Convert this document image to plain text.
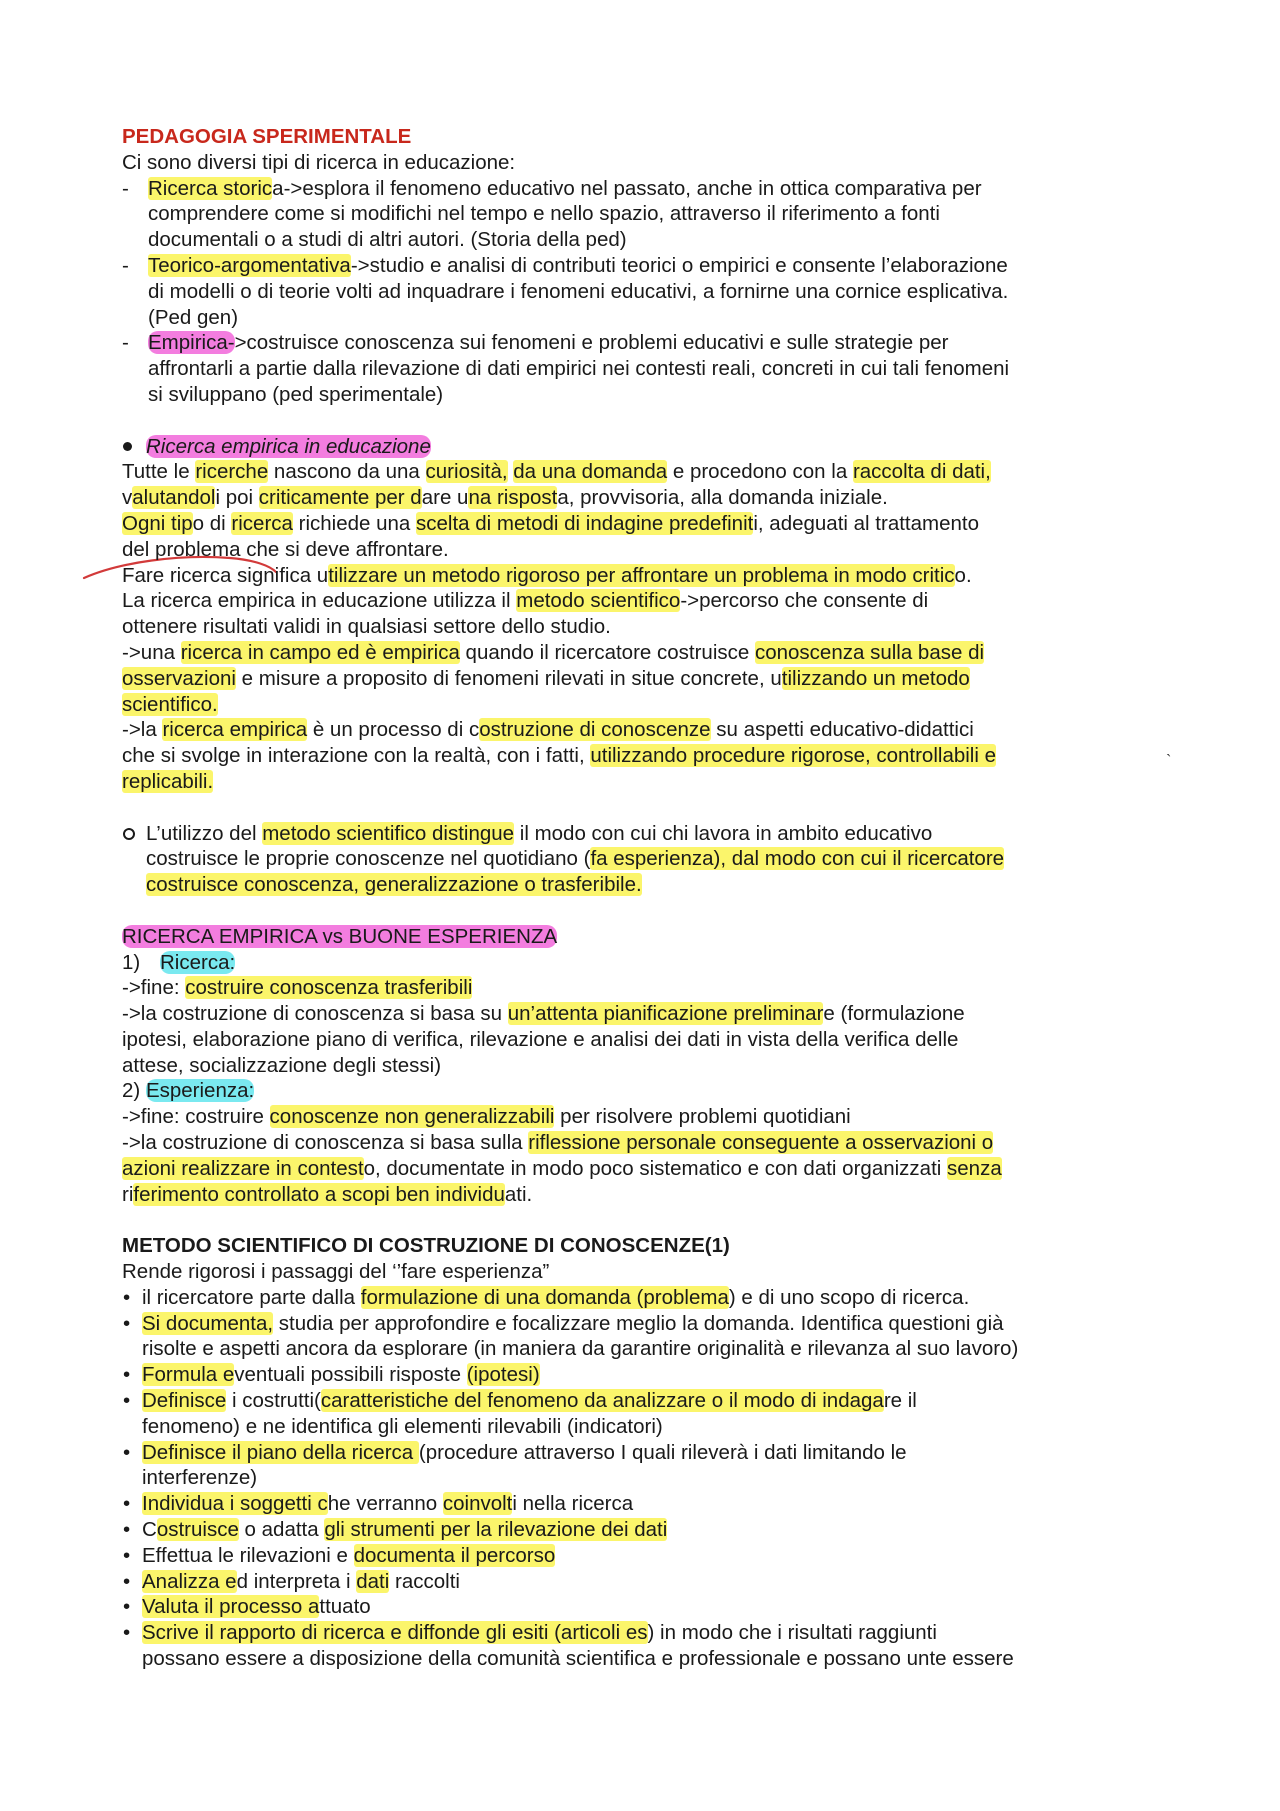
PEDAGOGIA SPERIMENTALE
Ci sono diversi tipi di ricerca in educazione:
- Ricerca storica->esplora il fenomeno educativo nel passato, anche in ottica comparativa per
comprendere come si modifichi nel tempo e nello spazio, attraverso il riferimento a fonti
documentali o a studi di altri autori. (Storia della ped)
- Teorico-argomentativa->studio e analisi di contributi teorici o empirici e consente l’elaborazione
di modelli o di teorie volti ad inquadrare i fenomeni educativi, a fornirne una cornice esplicativa.
(Ped gen)
- Empirica->costruisce conoscenza sui fenomeni e problemi educativi e sulle strategie per
affrontarli a partie dalla rilevazione di dati empirici nei contesti reali, concreti in cui tali fenomeni
si sviluppano (ped sperimentale)
Ricerca empirica in educazione
Tutte le ricerche nascono da una curiosità, da una domanda e procedono con la raccolta di dati,
valutandoli poi criticamente per dare una risposta, provvisoria, alla domanda iniziale.
Ogni tipo di ricerca richiede una scelta di metodi di indagine predefiniti, adeguati al trattamento
del problema che si deve affrontare.
Fare ricerca significa utilizzare un metodo rigoroso per affrontare un problema in modo critico.
La ricerca empirica in educazione utilizza il metodo scientifico->percorso che consente di
ottenere risultati validi in qualsiasi settore dello studio.
->una ricerca in campo ed è empirica quando il ricercatore costruisce conoscenza sulla base di
osservazioni e misure a proposito di fenomeni rilevati in situe concrete, utilizzando un metodo
scientifico.
->la ricerca empirica è un processo di costruzione di conoscenze su aspetti educativo-didattici
che si svolge in interazione con la realtà, con i fatti, utilizzando procedure rigorose, controllabili e
replicabili.
L’utilizzo del metodo scientifico distingue il modo con cui chi lavora in ambito educativo
costruisce le proprie conoscenze nel quotidiano (fa esperienza), dal modo con cui il ricercatore
costruisce conoscenza, generalizzazione o trasferibile.
RICERCA EMPIRICA vs BUONE ESPERIENZA
1) Ricerca:
->fine: costruire conoscenza trasferibili
->la costruzione di conoscenza si basa su un’attenta pianificazione preliminare (formulazione
ipotesi, elaborazione piano di verifica, rilevazione e analisi dei dati in vista della verifica delle
attese, socializzazione degli stessi)
2) Esperienza:
->fine: costruire conoscenze non generalizzabili per risolvere problemi quotidiani
->la costruzione di conoscenza si basa sulla riflessione personale conseguente a osservazioni o
azioni realizzare in contesto, documentate in modo poco sistematico e con dati organizzati senza
riferimento controllato a scopi ben individuati.
METODO SCIENTIFICO DI COSTRUZIONE DI CONOSCENZE(1)
Rende rigorosi i passaggi del ‘’fare esperienza”
• il ricercatore parte dalla formulazione di una domanda (problema) e di uno scopo di ricerca.
• Si documenta, studia per approfondire e focalizzare meglio la domanda. Identifica questioni già
risolte e aspetti ancora da esplorare (in maniera da garantire originalità e rilevanza al suo lavoro)
• Formula eventuali possibili risposte (ipotesi)
• Definisce i costrutti(caratteristiche del fenomeno da analizzare o il modo di indagare il
fenomeno) e ne identifica gli elementi rilevabili (indicatori)
• Definisce il piano della ricerca (procedure attraverso I quali rileverà i dati limitando le
interferenze)
• Individua i soggetti che verranno coinvolti nella ricerca
• Costruisce o adatta gli strumenti per la rilevazione dei dati
• Effettua le rilevazioni e documenta il percorso
• Analizza ed interpreta i dati raccolti
• Valuta il processo attuato
• Scrive il rapporto di ricerca e diffonde gli esiti (articoli es) in modo che i risultati raggiunti
possano essere a disposizione della comunità scientifica e professionale e possano unte essere
`
